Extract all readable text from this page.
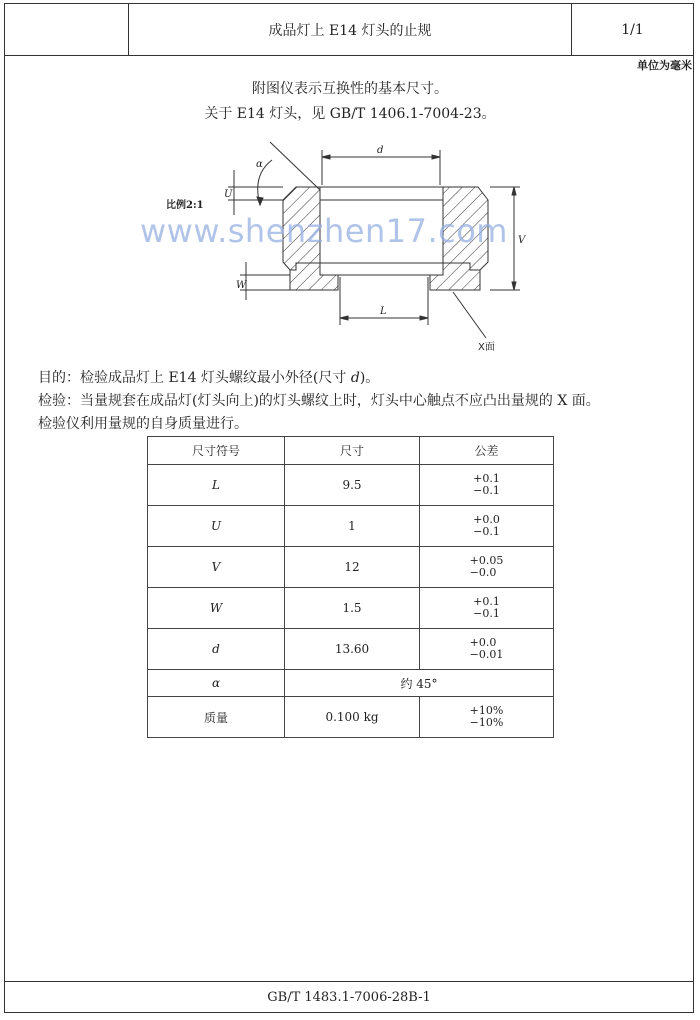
成品灯上 E14 灯头的止规	1/1
GB/T 1483.1-7006-28B-1
单位为毫米
附图仪表示互换性的基本尺寸。
关于 E14 灯头，见 GB/T 1406.1-7004-23。
α
d
U
W
V
L
X面
比例2:1
www.shenzhen17.com
目的：检验成品灯上 E14 灯头螺纹最小外径(尺寸 d)。
检验：当量规套在成品灯(灯头向上)的灯头螺纹上时，灯头中心触点不应凸出量规的 X 面。
检验仪利用量规的自身质量进行。
尺寸符号	尺寸	公差
L	9.5	+0.1
−0.1
U	1	+0.0
−0.1
V	12	+0.05
−0.0
W	1.5	+0.1
−0.1
d	13.60	+0.0
−0.01
α	约 45°	
质量	0.100 kg	+10%
−10%
